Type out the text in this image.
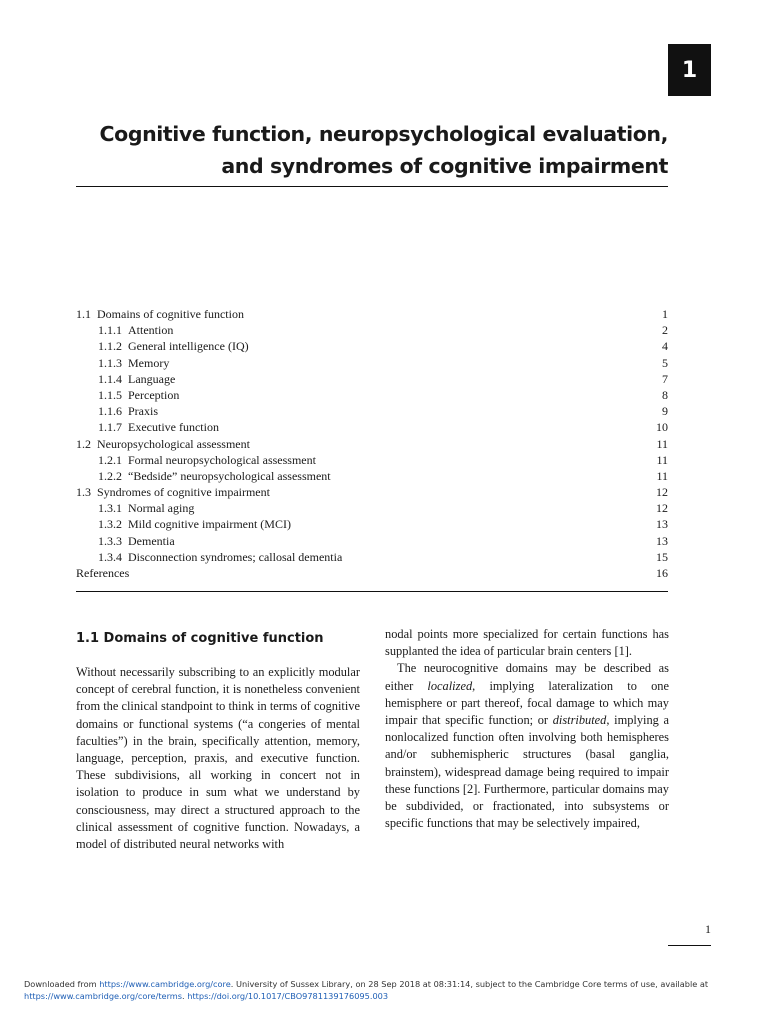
1
Cognitive function, neuropsychological evaluation, and syndromes of cognitive impairment
1.1 Domains of cognitive function	1
1.1.1 Attention	2
1.1.2 General intelligence (IQ)	4
1.1.3 Memory	5
1.1.4 Language	7
1.1.5 Perception	8
1.1.6 Praxis	9
1.1.7 Executive function	10
1.2 Neuropsychological assessment	11
1.2.1 Formal neuropsychological assessment	11
1.2.2 “Bedside” neuropsychological assessment	11
1.3 Syndromes of cognitive impairment	12
1.3.1 Normal aging	12
1.3.2 Mild cognitive impairment (MCI)	13
1.3.3 Dementia	13
1.3.4 Disconnection syndromes; callosal dementia	15
References	16
1.1 Domains of cognitive function

Without necessarily subscribing to an explicitly modular concept of cerebral function, it is nonetheless convenient from the clinical standpoint to think in terms of cognitive domains or functional systems (“a congeries of mental faculties”) in the brain, specifically attention, memory, language, perception, praxis, and executive function. These subdivisions, all working in concert not in isolation to produce in sum what we understand by consciousness, may direct a structured approach to the clinical assessment of cognitive function. Nowadays, a model of distributed neural networks with

nodal points more specialized for certain functions has supplanted the idea of particular brain centers [1].

The neurocognitive domains may be described as either localized, implying lateralization to one hemisphere or part thereof, focal damage to which may impair that specific function; or distributed, implying a nonlocalized function often involving both hemispheres and/or subhemispheric structures (basal ganglia, brainstem), widespread damage being required to impair these functions [2]. Furthermore, particular domains may be subdivided, or fractionated, into subsystems or specific functions that may be selectively impaired,

1
Downloaded from https://www.cambridge.org/core. University of Sussex Library, on 28 Sep 2018 at 08:31:14, subject to the Cambridge Core terms of use, available at
https://www.cambridge.org/core/terms. https://doi.org/10.1017/CBO9781139176095.003
